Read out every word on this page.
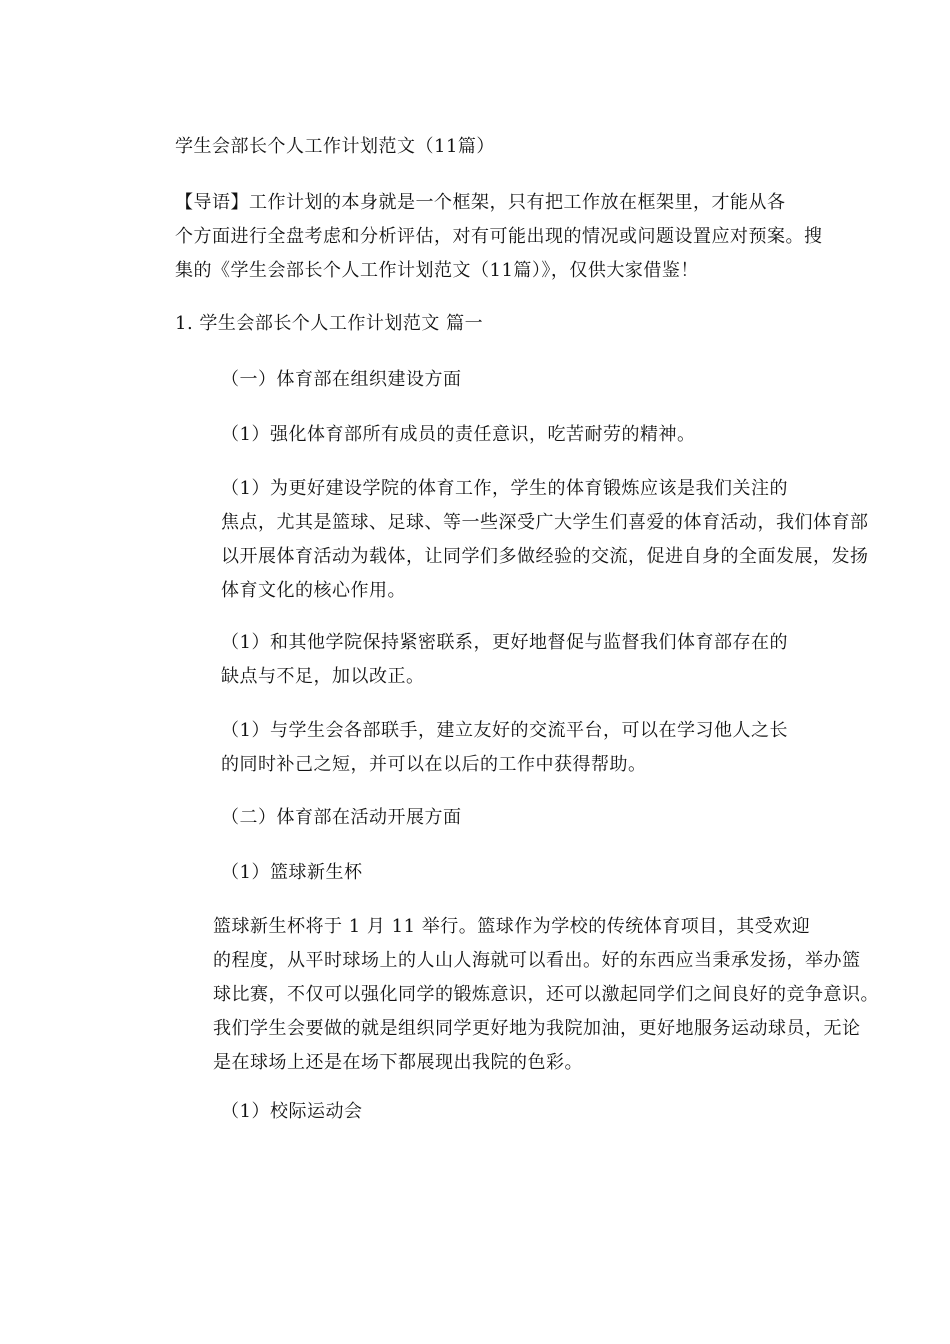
学生会部长个人工作计划范文（11篇）

【导语】工作计划的本身就是一个框架，只有把工作放在框架里，才能从各
个方面进行全盘考虑和分析评估，对有可能出现的情况或问题设置应对预案。搜
集的《学生会部长个人工作计划范文（11篇）》，仅供大家借鉴！

1. 学生会部长个人工作计划范文 篇一

（一）体育部在组织建设方面

（1）强化体育部所有成员的责任意识，吃苦耐劳的精神。

（1）为更好建设学院的体育工作，学生的体育锻炼应该是我们关注的
焦点，尤其是篮球、足球、等一些深受广大学生们喜爱的体育活动，我们体育部
以开展体育活动为载体，让同学们多做经验的交流，促进自身的全面发展，发扬
体育文化的核心作用。

（1）和其他学院保持紧密联系，更好地督促与监督我们体育部存在的
缺点与不足，加以改正。

（1）与学生会各部联手，建立友好的交流平台，可以在学习他人之长
的同时补己之短，并可以在以后的工作中获得帮助。

（二）体育部在活动开展方面

（1）篮球新生杯

篮球新生杯将于 1 月 11 举行。篮球作为学校的传统体育项目，其受欢迎
的程度，从平时球场上的人山人海就可以看出。好的东西应当秉承发扬，举办篮
球比赛，不仅可以强化同学的锻炼意识，还可以激起同学们之间良好的竞争意识。
我们学生会要做的就是组织同学更好地为我院加油，更好地服务运动球员，无论
是在球场上还是在场下都展现出我院的色彩。

（1）校际运动会
